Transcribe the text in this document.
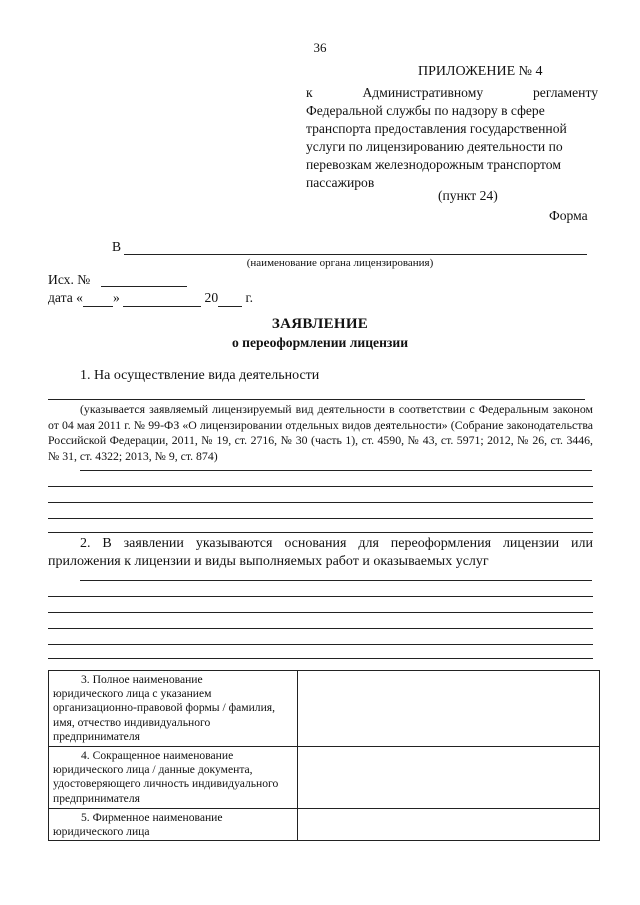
36
ПРИЛОЖЕНИЕ № 4
к Административному регламенту
Федеральной службы по надзору в сфере
транспорта предоставления государственной
услуги по лицензированию деятельности по
перевозкам железнодорожным транспортом
пассажиров
(пункт 24)
Форма
В
(наименование органа лицензирования)
Исх. №
дата « »	20 г.
ЗАЯВЛЕНИЕ
о переоформлении лицензии
1. На осуществление вида деятельности
(указывается заявляемый лицензируемый вид деятельности в соответствии с Федеральным законом от 04 мая 2011 г. № 99-ФЗ «О лицензировании отдельных видов деятельности» (Собрание законодательства Российской Федерации, 2011, № 19, ст. 2716, № 30 (часть 1), ст. 4590, № 43, ст. 5971; 2012, № 26, ст. 3446, № 31, ст. 4322; 2013, № 9, ст. 874)
2. В заявлении указываются основания для переоформления лицензии или приложения к лицензии и виды выполняемых работ и оказываемых услуг
3. Полное наименование
юридического лица с указанием организационно-правовой формы / фамилия, имя, отчество индивидуального предпринимателя	

4. Сокращенное наименование
юридического лица / данные документа, удостоверяющего личность индивидуального предпринимателя	

5. Фирменное наименование
юридического лица	
